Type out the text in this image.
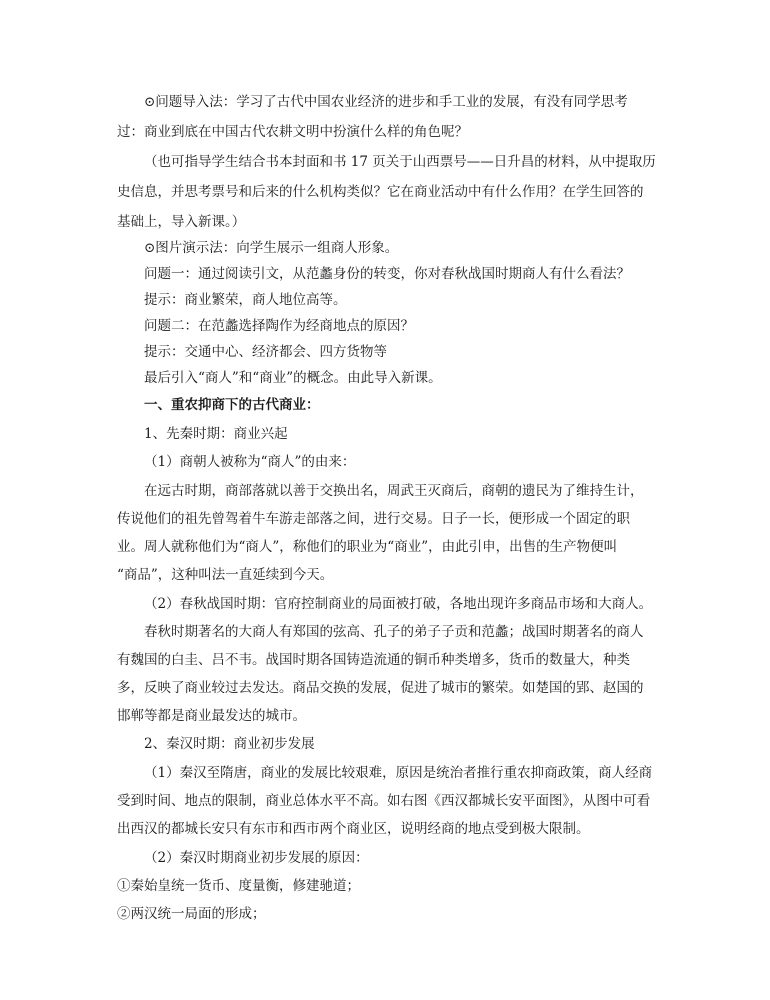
⊙问题导入法：学习了古代中国农业经济的进步和手工业的发展，有没有同学思考
过：商业到底在中国古代农耕文明中扮演什么样的角色呢？
（也可指导学生结合书本封面和书 17 页关于山西票号——日升昌的材料，从中提取历
史信息，并思考票号和后来的什么机构类似？它在商业活动中有什么作用？在学生回答的
基础上，导入新课。）
⊙图片演示法：向学生展示一组商人形象。
问题一：通过阅读引文，从范蠡身份的转变，你对春秋战国时期商人有什么看法？
提示：商业繁荣，商人地位高等。
问题二：在范蠡选择陶作为经商地点的原因？
提示：交通中心、经济都会、四方货物等
最后引入“商人”和“商业”的概念。由此导入新课。
一、重农抑商下的古代商业：
1、先秦时期：商业兴起
（1）商朝人被称为“商人”的由来：
在远古时期，商部落就以善于交换出名，周武王灭商后，商朝的遗民为了维持生计，
传说他们的祖先曾驾着牛车游走部落之间，进行交易。日子一长，便形成一个固定的职
业。周人就称他们为“商人”，称他们的职业为“商业”，由此引申，出售的生产物便叫
“商品”，这种叫法一直延续到今天。
（2）春秋战国时期：官府控制商业的局面被打破，各地出现许多商品市场和大商人。
春秋时期著名的大商人有郑国的弦高、孔子的弟子子贡和范蠡；战国时期著名的商人
有魏国的白圭、吕不韦。战国时期各国铸造流通的铜币种类增多，货币的数量大，种类
多，反映了商业较过去发达。商品交换的发展，促进了城市的繁荣。如楚国的郢、赵国的
邯郸等都是商业最发达的城市。
2、秦汉时期：商业初步发展
（1）秦汉至隋唐，商业的发展比较艰难，原因是统治者推行重农抑商政策，商人经商
受到时间、地点的限制，商业总体水平不高。如右图《西汉都城长安平面图》，从图中可看
出西汉的都城长安只有东市和西市两个商业区，说明经商的地点受到极大限制。
（2）秦汉时期商业初步发展的原因：
①秦始皇统一货币、度量衡，修建驰道；
②两汉统一局面的形成；
